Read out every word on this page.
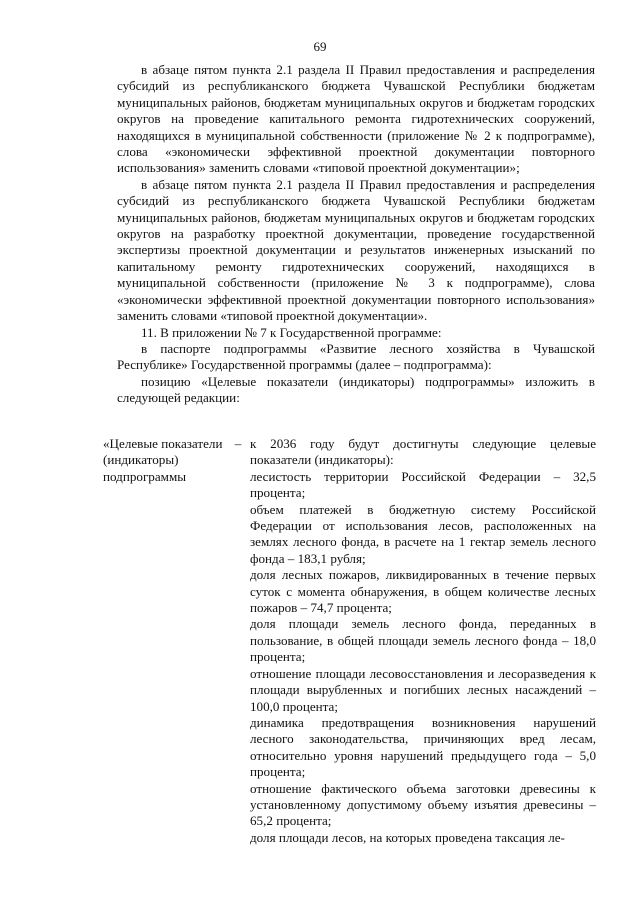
69

в абзаце пятом пункта 2.1 раздела II Правил предоставления и распределения субсидий из республиканского бюджета Чувашской Республики бюджетам муниципальных районов, бюджетам муниципальных округов и бюджетам городских округов на проведение капитального ремонта гидротехнических сооружений, находящихся в муниципальной собственности (приложение № 2 к подпрограмме), слова «экономически эффективной проектной документации повторного использования» заменить словами «типовой проектной документации»;

в абзаце пятом пункта 2.1 раздела II Правил предоставления и распределения субсидий из республиканского бюджета Чувашской Республики бюджетам муниципальных районов, бюджетам муниципальных округов и бюджетам городских округов на разработку проектной документации, проведение государственной экспертизы проектной документации и результатов инженерных изысканий по капитальному ремонту гидротехнических сооружений, находящихся в муниципальной собственности (приложение № 3 к подпрограмме), слова «экономически эффективной проектной документации повторного использования» заменить словами «типовой проектной документации».

11. В приложении № 7 к Государственной программе:

в паспорте подпрограммы «Развитие лесного хозяйства в Чувашской Республике» Государственной программы (далее – подпрограмма):

позицию «Целевые показатели (индикаторы) подпрограммы» изложить в следующей редакции:

«Целевые показатели (индикаторы) подпрограммы
– к 2036 году будут достигнуты следующие целевые показатели (индикаторы):

лесистость территории Российской Федерации – 32,5 процента;

объем платежей в бюджетную систему Российской Федерации от использования лесов, расположенных на землях лесного фонда, в расчете на 1 гектар земель лесного фонда – 183,1 рубля;

доля лесных пожаров, ликвидированных в течение первых суток с момента обнаружения, в общем количестве лесных пожаров – 74,7 процента;

доля площади земель лесного фонда, переданных в пользование, в общей площади земель лесного фонда – 18,0 процента;

отношение площади лесовосстановления и лесоразведения к площади вырубленных и погибших лесных насаждений – 100,0 процента;

динамика предотвращения возникновения нарушений лесного законодательства, причиняющих вред лесам, относительно уровня нарушений предыдущего года – 5,0 процента;

отношение фактического объема заготовки древесины к установленному допустимому объему изъятия древесины – 65,2 процента;

доля площади лесов, на которых проведена таксация ле-
